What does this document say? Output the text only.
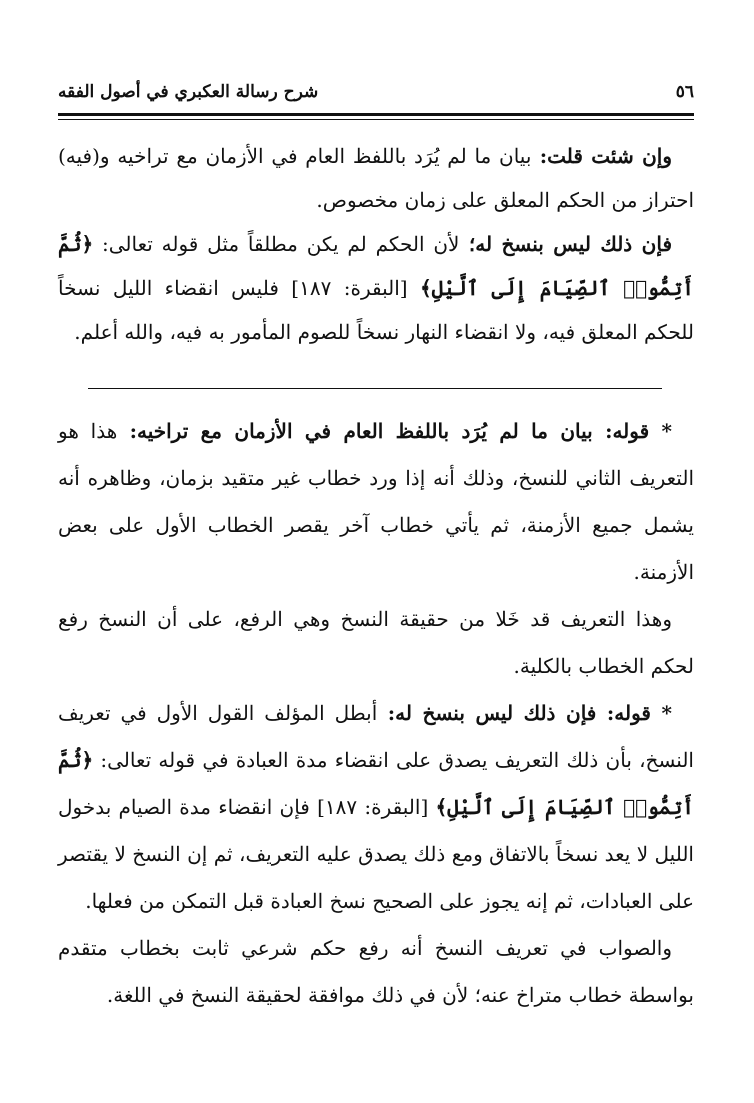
٥٦
شرح رسالة العكبري في أصول الفقه

وإن شئت قلت: بيان ما لم يُرَد باللفظ العام في الأزمان مع تراخيه و(فيه) احتراز من الحكم المعلق على زمان مخصوص.

فإن ذلك ليس بنسخ له؛ لأن الحكم لم يكن مطلقاً مثل قوله تعالى: ﴿ثُمَّ أَتِمُّوا۟ ٱلصِّيَامَ إِلَى ٱلَّيْلِ﴾ [البقرة: ١٨٧] فليس انقضاء الليل نسخاً للحكم المعلق فيه، ولا انقضاء النهار نسخاً للصوم المأمور به فيه، والله أعلم.

* قوله: بيان ما لم يُرَد باللفظ العام في الأزمان مع تراخيه: هذا هو التعريف الثاني للنسخ، وذلك أنه إذا ورد خطاب غير متقيد بزمان، وظاهره أنه يشمل جميع الأزمنة، ثم يأتي خطاب آخر يقصر الخطاب الأول على بعض الأزمنة.

وهذا التعريف قد خَلا من حقيقة النسخ وهي الرفع، على أن النسخ رفع لحكم الخطاب بالكلية.

* قوله: فإن ذلك ليس بنسخ له: أبطل المؤلف القول الأول في تعريف النسخ، بأن ذلك التعريف يصدق على انقضاء مدة العبادة في قوله تعالى: ﴿ثُمَّ أَتِمُّوا۟ ٱلصِّيَامَ إِلَى ٱلَّيْلِ﴾ [البقرة: ١٨٧] فإن انقضاء مدة الصيام بدخول الليل لا يعد نسخاً بالاتفاق ومع ذلك يصدق عليه التعريف، ثم إن النسخ لا يقتصر على العبادات، ثم إنه يجوز على الصحيح نسخ العبادة قبل التمكن من فعلها.

والصواب في تعريف النسخ أنه رفع حكم شرعي ثابت بخطاب متقدم بواسطة خطاب متراخ عنه؛ لأن في ذلك موافقة لحقيقة النسخ في اللغة.
